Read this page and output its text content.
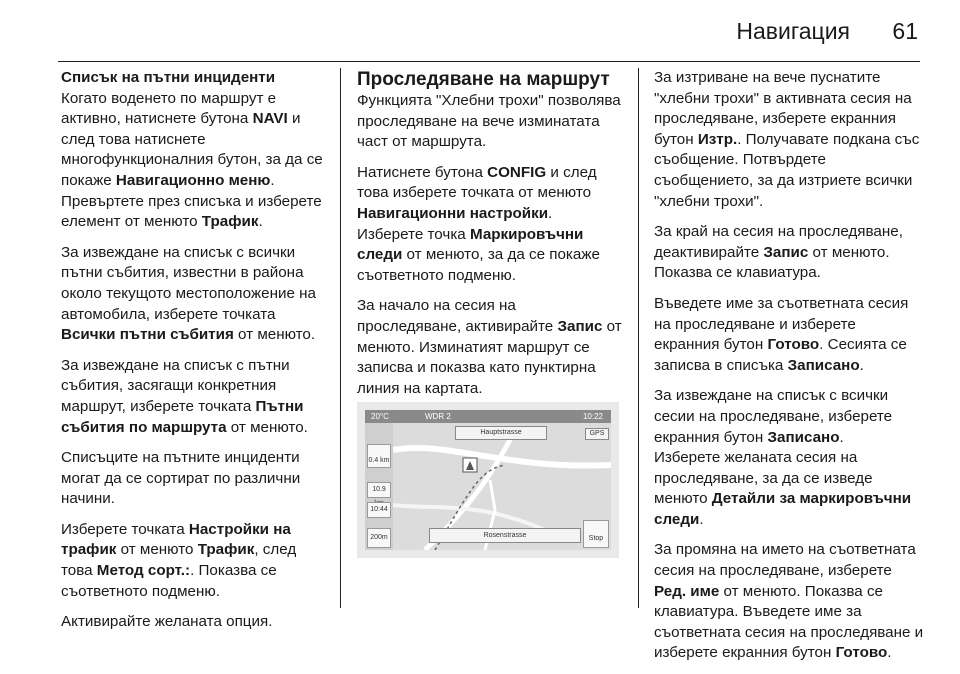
Навигация 61
Списък на пътни инциденти

Когато воденето по маршрут е активно, натиснете бутона NAVI и след това натиснете многофункционалния бутон, за да се покаже Навигационно меню.

Превъртете през списъка и изберете елемент от менюто Трафик.

За извеждане на списък с всички пътни събития, известни в района около текущото местоположение на автомобила, изберете точката Всички пътни събития от менюто.

За извеждане на списък с пътни събития, засягащи конкретния маршрут, изберете точката Пътни събития по маршрута от менюто.

Списъците на пътните инциденти могат да се сортират по различни начини.

Изберете точката Настройки на трафик от менюто Трафик, след това Метод сорт.:. Показва се съответното подменю.

Активирайте желаната опция.

Проследяване на маршрут

Функцията "Хлебни трохи" позволява проследяване на вече изминатата част от маршрута.

Натиснете бутона CONFIG и след това изберете точката от менюто Навигационни настройки.

Изберете точка Маркировъчни следи от менюто, за да се покаже съответното подменю.

За начало на сесия на проследяване, активирайте Запис от менюто. Изминатият маршрут се записва и показва като пунктирна линия на картата.

20°C	WDR 2	10:22
Hauptstrasse	GPS
0.4 km
10.9
10:44
200m	Rosenstrasse	Stop

За изтриване на вече пуснатите "хлебни трохи" в активната сесия на проследяване, изберете екранния бутон Изтр.. Получавате подкана със съобщение. Потвърдете съобщението, за да изтриете всички "хлебни трохи".

За край на сесия на проследяване, деактивирайте Запис от менюто. Показва се клавиатура.

Въведете име за съответната сесия на проследяване и изберете екранния бутон Готово. Сесията се записва в списъка Записано.

За извеждане на списък с всички сесии на проследяване, изберете екранния бутон Записано.

Изберете желаната сесия на проследяване, за да се изведе менюто Детайли за маркировъчни следи.

За промяна на името на съответната сесия на проследяване, изберете Ред. име от менюто. Показва се клавиатура. Въведете име за съответната сесия на проследяване и изберете екранния бутон Готово.
